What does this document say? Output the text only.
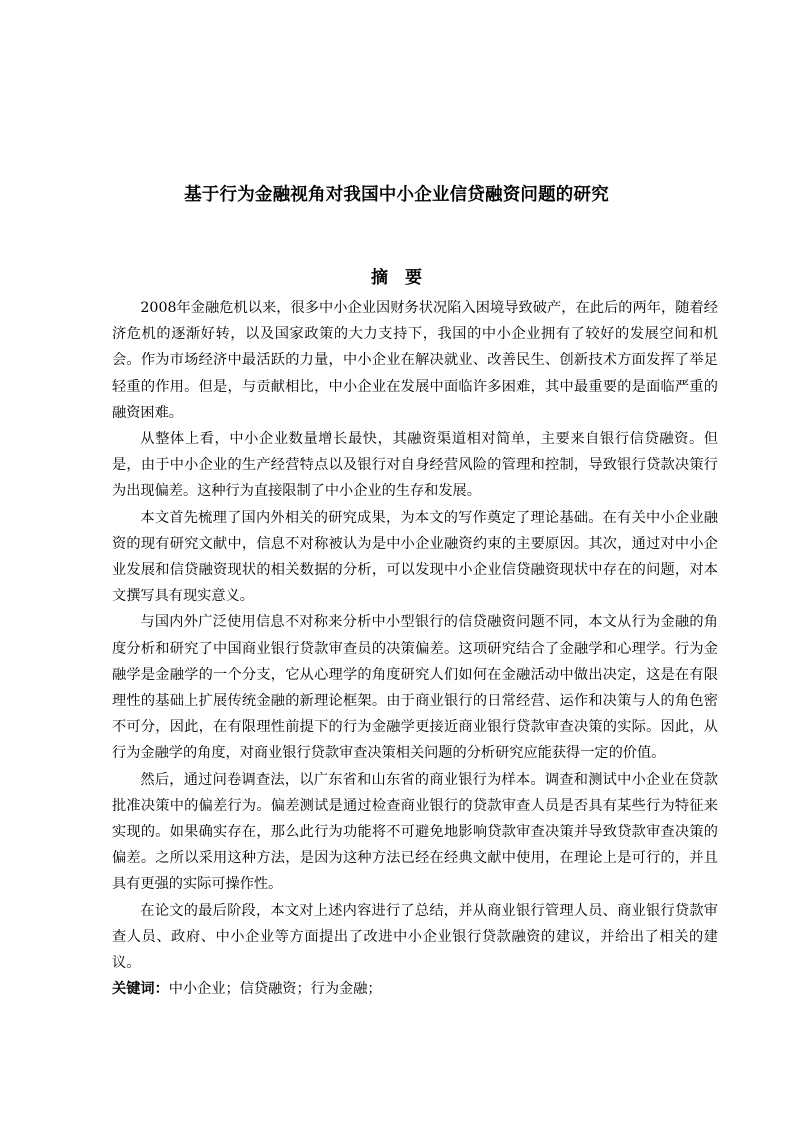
基于行为金融视角对我国中小企业信贷融资问题的研究
摘　要

2008年金融危机以来，很多中小企业因财务状况陷入困境导致破产，在此后的两年，随着经济危机的逐渐好转，以及国家政策的大力支持下，我国的中小企业拥有了较好的发展空间和机会。作为市场经济中最活跃的力量，中小企业在解决就业、改善民生、创新技术方面发挥了举足轻重的作用。但是，与贡献相比，中小企业在发展中面临许多困难，其中最重要的是面临严重的融资困难。

从整体上看，中小企业数量增长最快，其融资渠道相对简单，主要来自银行信贷融资。但是，由于中小企业的生产经营特点以及银行对自身经营风险的管理和控制，导致银行贷款决策行为出现偏差。这种行为直接限制了中小企业的生存和发展。

本文首先梳理了国内外相关的研究成果，为本文的写作奠定了理论基础。在有关中小企业融资的现有研究文献中，信息不对称被认为是中小企业融资约束的主要原因。其次，通过对中小企业发展和信贷融资现状的相关数据的分析，可以发现中小企业信贷融资现状中存在的问题，对本文撰写具有现实意义。

与国内外广泛使用信息不对称来分析中小型银行的信贷融资问题不同，本文从行为金融的角度分析和研究了中国商业银行贷款审查员的决策偏差。这项研究结合了金融学和心理学。行为金融学是金融学的一个分支，它从心理学的角度研究人们如何在金融活动中做出决定，这是在有限理性的基础上扩展传统金融的新理论框架。由于商业银行的日常经营、运作和决策与人的角色密不可分，因此，在有限理性前提下的行为金融学更接近商业银行贷款审查决策的实际。因此，从行为金融学的角度，对商业银行贷款审查决策相关问题的分析研究应能获得一定的价值。

然后，通过问卷调查法，以广东省和山东省的商业银行为样本。调查和测试中小企业在贷款批准决策中的偏差行为。偏差测试是通过检查商业银行的贷款审查人员是否具有某些行为特征来实现的。如果确实存在，那么此行为功能将不可避免地影响贷款审查决策并导致贷款审查决策的偏差。之所以采用这种方法，是因为这种方法已经在经典文献中使用，在理论上是可行的，并且具有更强的实际可操作性。

在论文的最后阶段，本文对上述内容进行了总结，并从商业银行管理人员、商业银行贷款审查人员、政府、中小企业等方面提出了改进中小企业银行贷款融资的建议，并给出了相关的建议。

关键词：中小企业；信贷融资；行为金融；
